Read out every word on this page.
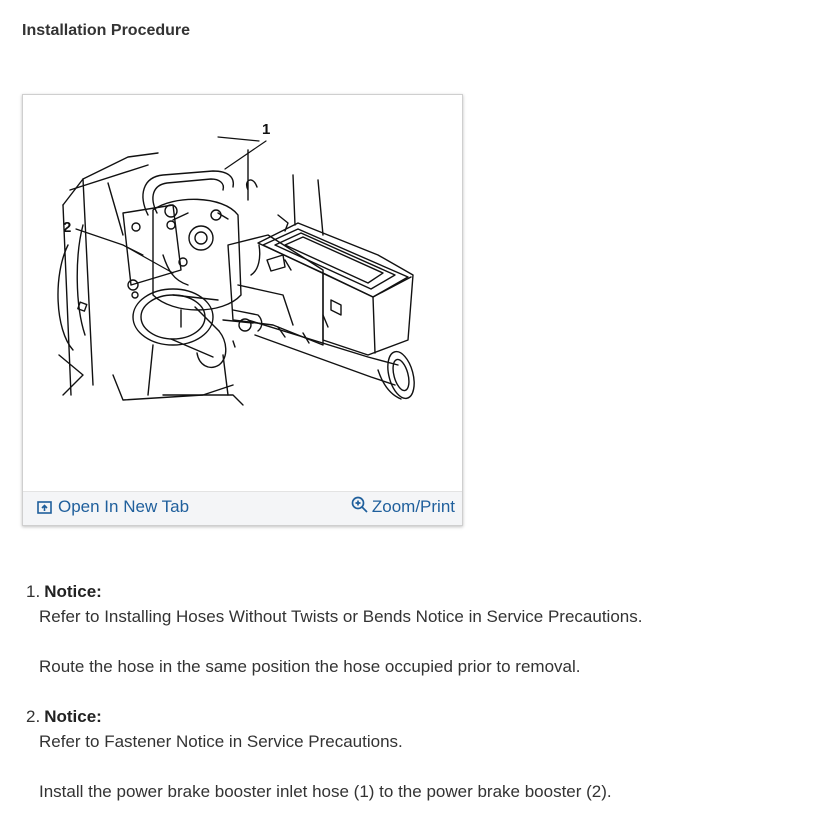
Installation Procedure
1
2
Open In New Tab	Zoom/Print
1. Notice:

Refer to Installing Hoses Without Twists or Bends Notice in Service Precautions.

Route the hose in the same position the hose occupied prior to removal.

2. Notice:

Refer to Fastener Notice in Service Precautions.

Install the power brake booster inlet hose (1) to the power brake booster (2).
